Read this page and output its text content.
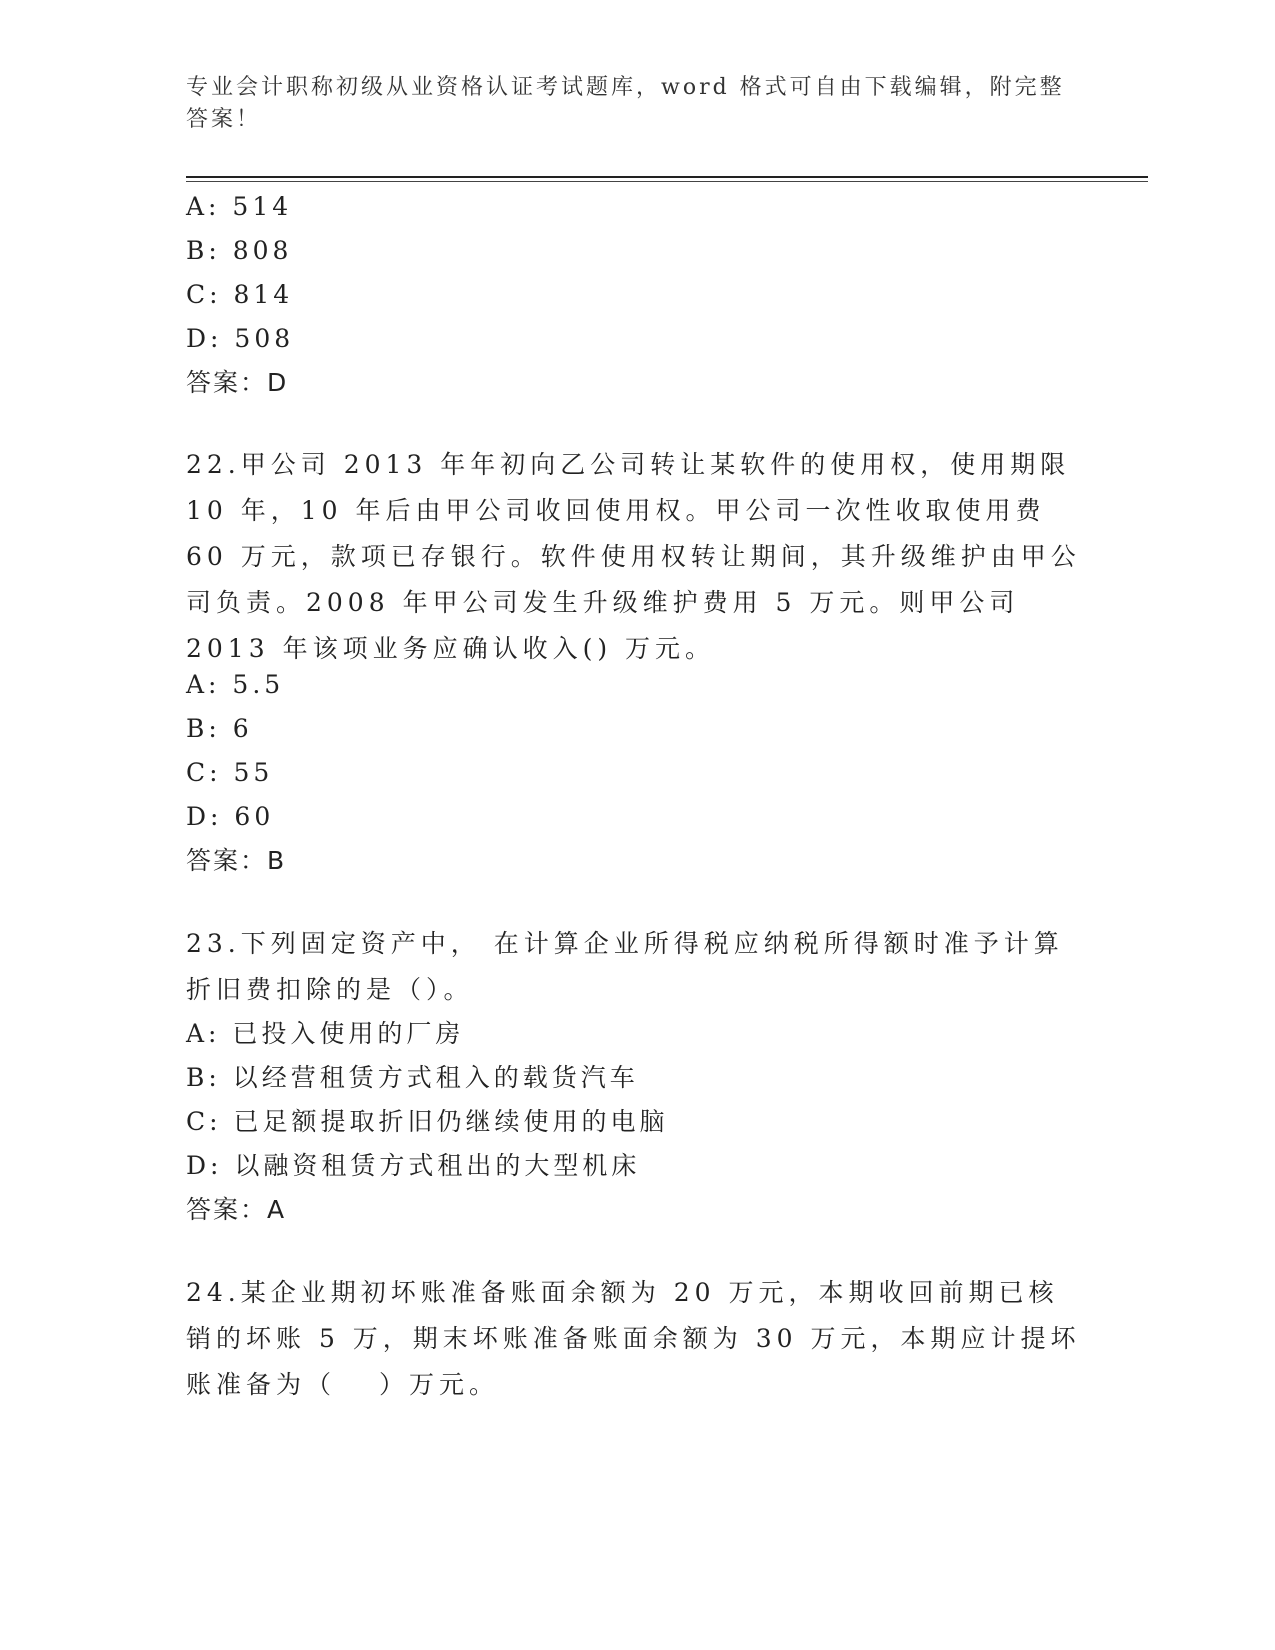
专业会计职称初级从业资格认证考试题库，word 格式可自由下载编辑，附完整答案！
A: 514
B: 808
C: 814
D: 508
答案：D
22.甲公司 2013 年年初向乙公司转让某软件的使用权，使用期限 10 年，10 年后由甲公司收回使用权。甲公司一次性收取使用费 60 万元，款项已存银行。软件使用权转让期间，其升级维护由甲公司负责。2008 年甲公司发生升级维护费用 5 万元。则甲公司 2013 年该项业务应确认收入() 万元。
A: 5.5
B: 6
C: 55
D: 60
答案：B
23.下列固定资产中， 在计算企业所得税应纳税所得额时准予计算折旧费扣除的是（）。
A: 已投入使用的厂房
B: 以经营租赁方式租入的载货汽车
C: 已足额提取折旧仍继续使用的电脑
D: 以融资租赁方式租出的大型机床
答案：A
24.某企业期初坏账准备账面余额为 20 万元，本期收回前期已核销的坏账 5 万，期末坏账准备账面余额为 30 万元，本期应计提坏账准备为（　 ）万元。
